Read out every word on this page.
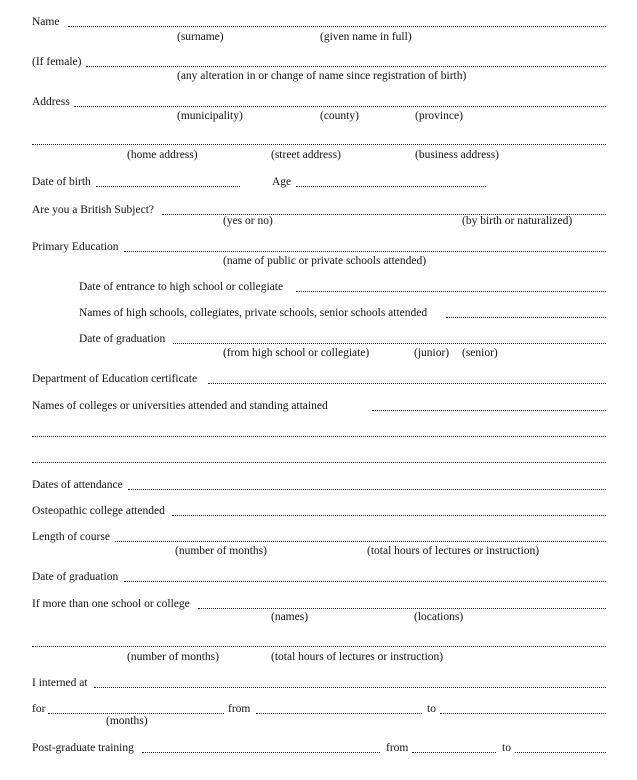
Name
(surname)	(given name in full)
(If female)
(any alteration in or change of name since registration of birth)
Address
(municipality)	(county)	(province)
(home address)	(street address)	(business address)
Date of birth	Age
Are you a British Subject?
(yes or no)	(by birth or naturalized)
Primary Education
(name of public or private schools attended)
Date of entrance to high school or collegiate
Names of high schools, collegiates, private schools, senior schools attended
Date of graduation
(from high school or collegiate)	(junior) (senior)
Department of Education certificate
Names of colleges or universities attended and standing attained
Dates of attendance
Osteopathic college attended
Length of course
(number of months)	(total hours of lectures or instruction)
Date of graduation
If more than one school or college
(names)	(locations)
(number of months)	(total hours of lectures or instruction)
I interned at
for	from	to
(months)
Post-graduate training	from	to
